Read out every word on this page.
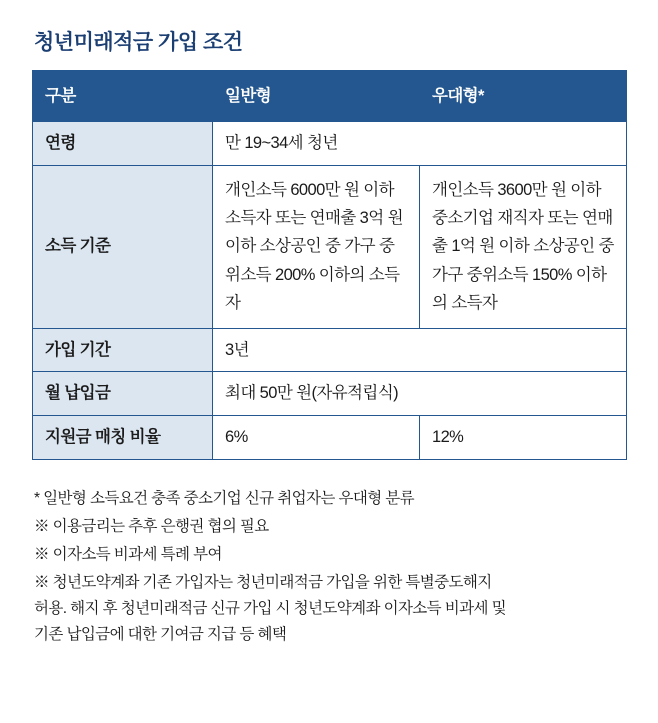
청년미래적금 가입 조건
구분	일반형	우대형*
연령	만 19~34세 청년	
소득 기준	개인소득 6000만 원 이하 소득자 또는 연매출 3억 원 이하 소상공인 중 가구 중위소득 200% 이하의 소득자	개인소득 3600만 원 이하 중소기업 재직자 또는 연매출 1억 원 이하 소상공인 중 가구 중위소득 150% 이하의 소득자
가입 기간	3년	
월 납입금	최대 50만 원(자유적립식)	
지원금 매칭 비율	6%	12%
* 일반형 소득요건 충족 중소기업 신규 취업자는 우대형 분류
※ 이용금리는 추후 은행권 협의 필요
※ 이자소득 비과세 특례 부여
※ 청년도약계좌 기존 가입자는 청년미래적금 가입을 위한 특별중도해지
허용. 해지 후 청년미래적금 신규 가입 시 청년도약계좌 이자소득 비과세 및
기존 납입금에 대한 기여금 지급 등 혜택
